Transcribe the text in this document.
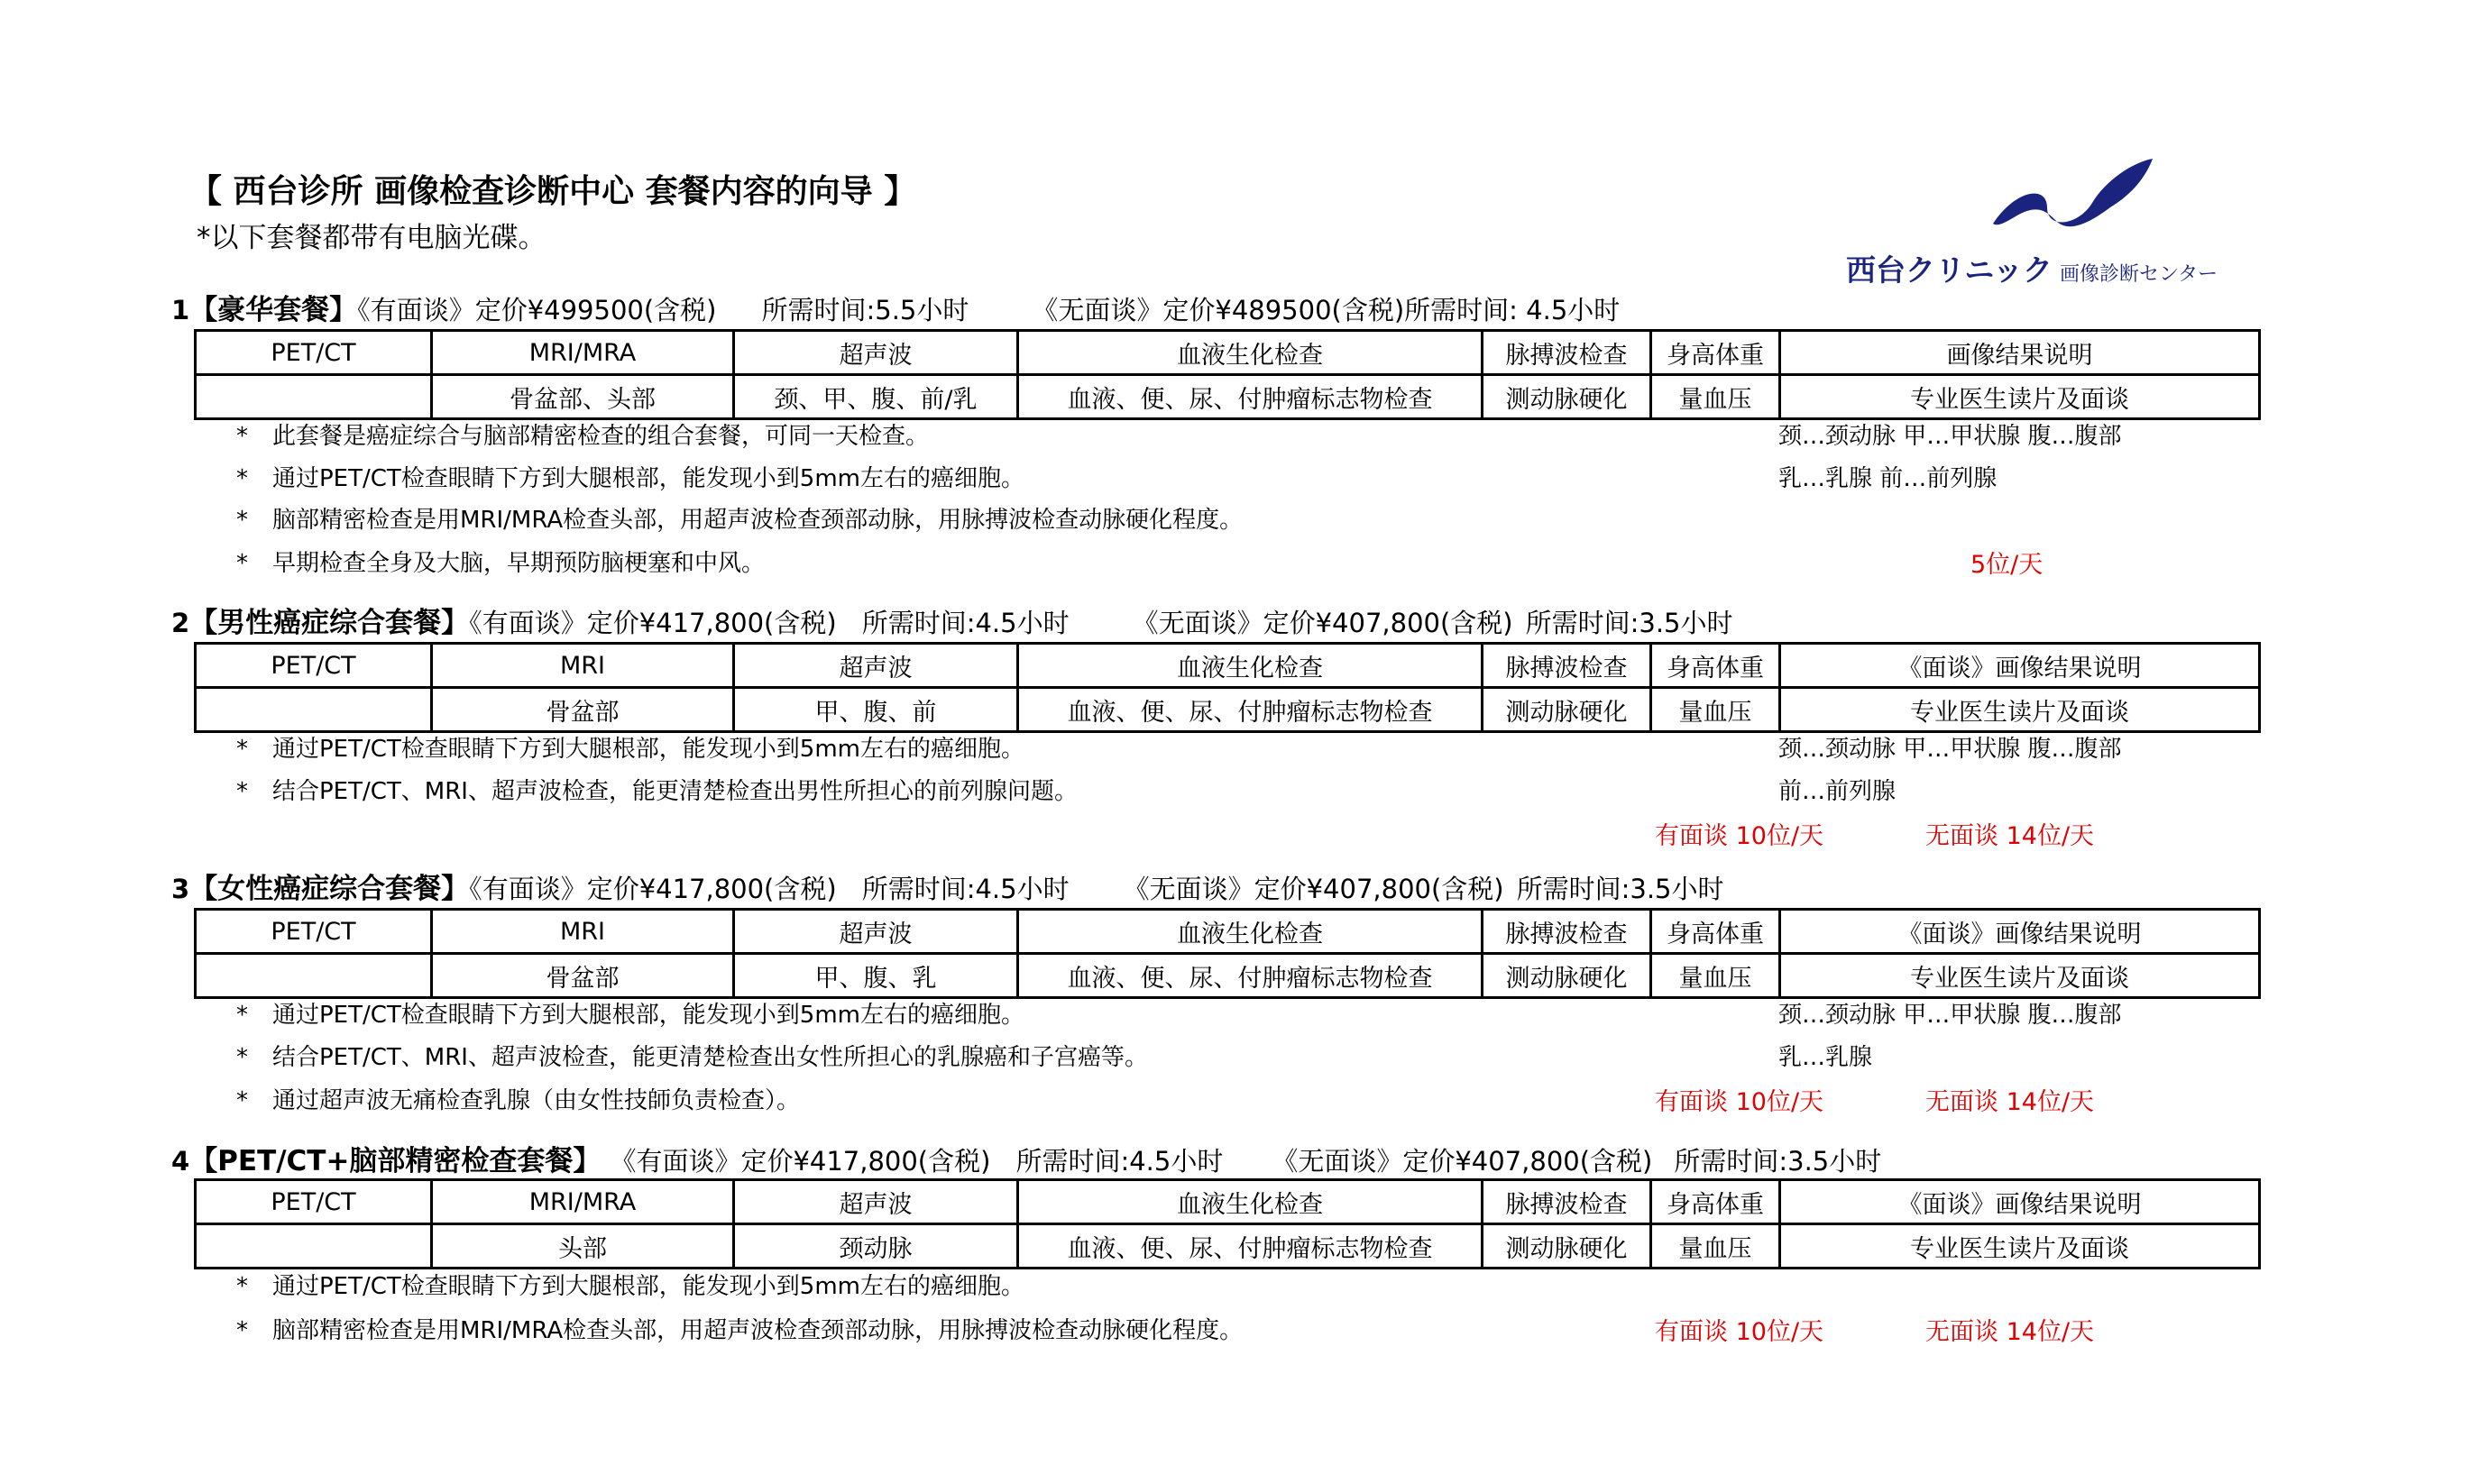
【 西台诊所 画像检查诊断中心 套餐内容的向导 】
*以下套餐都带有电脑光碟。
西台クリニック 画像診断センター
1【豪华套餐】《有面谈》定价¥499500(含税) 所需时间:5.5小时 《无面谈》定价¥489500(含税)所需时间: 4.5小时
PET/CT	MRI/MRA	超声波	血液生化检查	脉搏波检查	身高体重	画像结果说明
	骨盆部、头部	颈、甲、腹、前/乳	血液、便、尿、付肿瘤标志物检查	测动脉硬化	量血压	专业医生读片及面谈
* 此套餐是癌症综合与脑部精密检查的组合套餐，可同一天检查。
* 通过PET/CT检查眼睛下方到大腿根部，能发现小到5mm左右的癌细胞。
* 脑部精密检查是用MRI/MRA检查头部，用超声波检查颈部动脉，用脉搏波检查动脉硬化程度。
* 早期检查全身及大脑，早期预防脑梗塞和中风。
颈…颈动脉 甲…甲状腺 腹…腹部
乳…乳腺 前…前列腺
5位/天
2【男性癌症综合套餐】《有面谈》定价¥417,800(含税) 所需时间:4.5小时 《无面谈》定价¥407,800(含税) 所需时间:3.5小时
PET/CT	MRI	超声波	血液生化检查	脉搏波检查	身高体重	《面谈》画像结果说明
	骨盆部	甲、腹、前	血液、便、尿、付肿瘤标志物检查	测动脉硬化	量血压	专业医生读片及面谈
* 通过PET/CT检查眼睛下方到大腿根部，能发现小到5mm左右的癌细胞。
* 结合PET/CT、MRI、超声波检查，能更清楚检查出男性所担心的前列腺问题。
颈…颈动脉 甲…甲状腺 腹…腹部
前…前列腺
有面谈 10位/天	无面谈 14位/天
3【女性癌症综合套餐】《有面谈》定价¥417,800(含税) 所需时间:4.5小时 《无面谈》定价¥407,800(含税) 所需时间:3.5小时
PET/CT	MRI	超声波	血液生化检查	脉搏波检查	身高体重	《面谈》画像结果说明
	骨盆部	甲、腹、乳	血液、便、尿、付肿瘤标志物检查	测动脉硬化	量血压	专业医生读片及面谈
* 通过PET/CT检查眼睛下方到大腿根部，能发现小到5mm左右的癌细胞。
* 结合PET/CT、MRI、超声波检查，能更清楚检查出女性所担心的乳腺癌和子宫癌等。
* 通过超声波无痛检查乳腺（由女性技師负责检查）。
颈…颈动脉 甲…甲状腺 腹…腹部
乳…乳腺
有面谈 10位/天	无面谈 14位/天
4【PET/CT+脑部精密检查套餐】 《有面谈》定价¥417,800(含税) 所需时间:4.5小时 《无面谈》定价¥407,800(含税) 所需时间:3.5小时
PET/CT	MRI/MRA	超声波	血液生化检查	脉搏波检查	身高体重	《面谈》画像结果说明
	头部	颈动脉	血液、便、尿、付肿瘤标志物检查	测动脉硬化	量血压	专业医生读片及面谈
* 通过PET/CT检查眼睛下方到大腿根部，能发现小到5mm左右的癌细胞。
* 脑部精密检查是用MRI/MRA检查头部，用超声波检查颈部动脉，用脉搏波检查动脉硬化程度。	有面谈 10位/天	无面谈 14位/天
